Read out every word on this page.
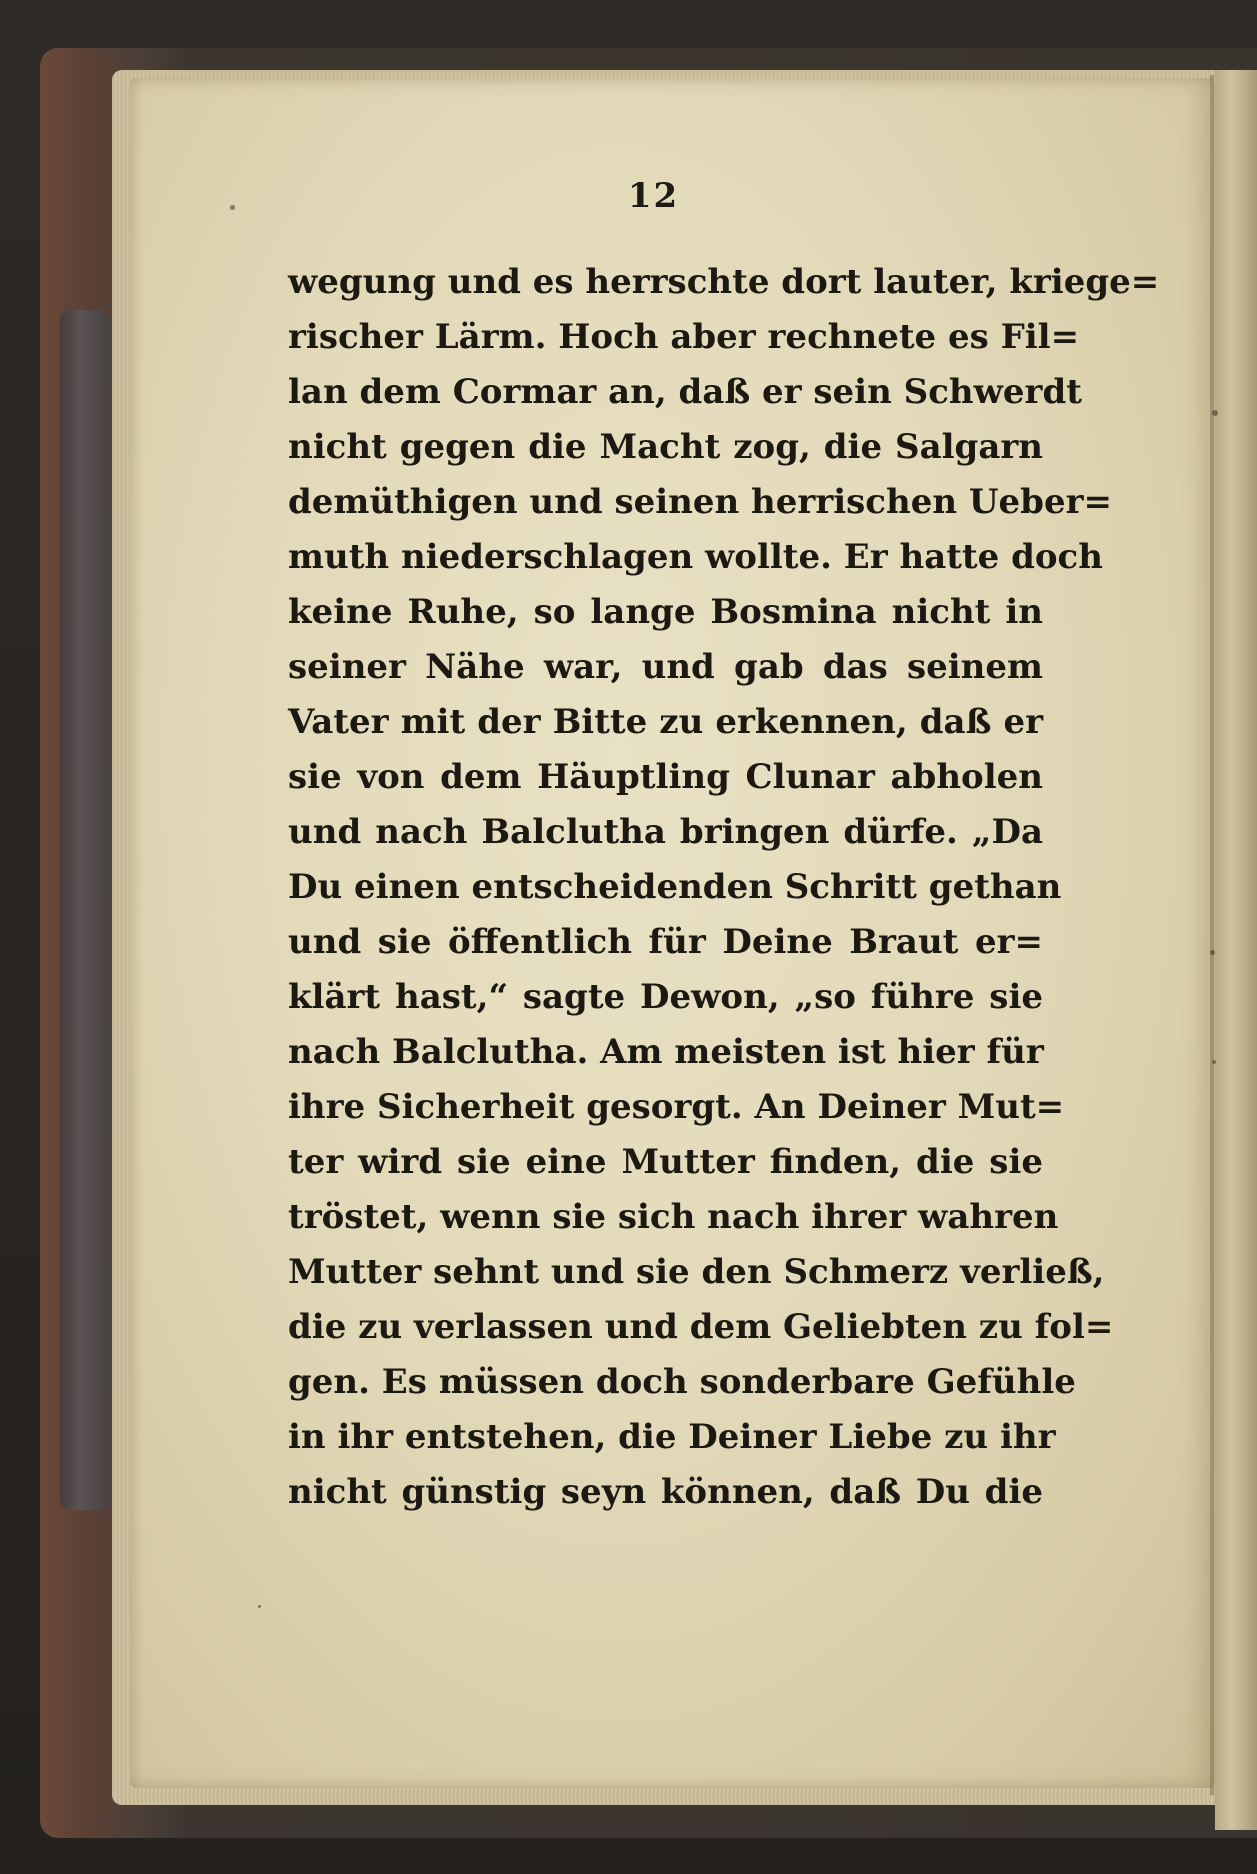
12
wegung und es herrschte dort lauter, kriege=
rischer Lärm. Hoch aber rechnete es Fil=
lan dem Cormar an, daß er sein Schwerdt
nicht gegen die Macht zog, die Salgarn
demüthigen und seinen herrischen Ueber=
muth niederschlagen wollte. Er hatte doch
keine Ruhe, so lange Bosmina nicht in
seiner Nähe war, und gab das seinem
Vater mit der Bitte zu erkennen, daß er
sie von dem Häuptling Clunar abholen
und nach Balclutha bringen dürfe. „Da
Du einen entscheidenden Schritt gethan
und sie öffentlich für Deine Braut er=
klärt hast,“ sagte Dewon, „so führe sie
nach Balclutha. Am meisten ist hier für
ihre Sicherheit gesorgt. An Deiner Mut=
ter wird sie eine Mutter finden, die sie
tröstet, wenn sie sich nach ihrer wahren
Mutter sehnt und sie den Schmerz verließ,
die zu verlassen und dem Geliebten zu fol=
gen. Es müssen doch sonderbare Gefühle
in ihr entstehen, die Deiner Liebe zu ihr
nicht günstig seyn können, daß Du die
